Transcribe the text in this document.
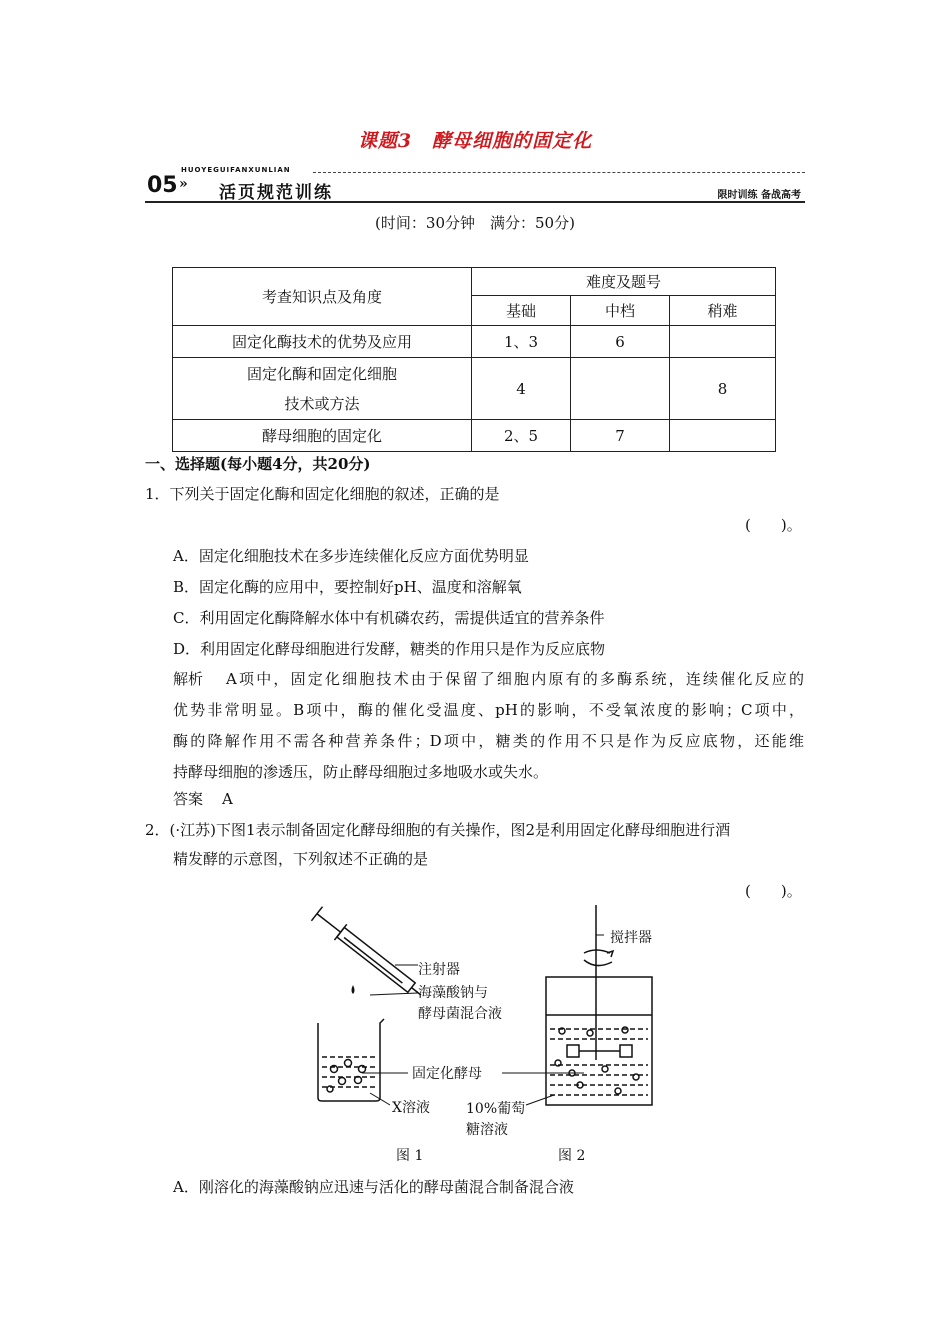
课题3　酵母细胞的固定化
HUOYEGUIFANXUNLIAN
05 » 活页规范训练	限时训练 备战高考
(时间：30分钟　满分：50分)
考查知识点及角度	难度及题号		
	基础	中档	稍难
固定化酶技术的优势及应用	1、3	6	

固定化酶和固定化细胞
技术或方法	4		8
酵母细胞的固定化	2、5	7	
一、选择题(每小题4分，共20分)
1．下列关于固定化酶和固定化细胞的叙述，正确的是
(　　)。
A．固定化细胞技术在多步连续催化反应方面优势明显
B．固定化酶的应用中，要控制好pH、温度和溶解氧
C．利用固定化酶降解水体中有机磷农药，需提供适宜的营养条件
D．利用固定化酵母细胞进行发酵，糖类的作用只是作为反应底物
解析 A项中，固定化细胞技术由于保留了细胞内原有的多酶系统，连续催化反应的
优势非常明显。B项中，酶的催化受温度、pH的影响，不受氧浓度的影响；C项中，
酶的降解作用不需各种营养条件；D项中，糖类的作用不只是作为反应底物，还能维
持酵母细胞的渗透压，防止酵母细胞过多地吸水或失水。
答案 A
2．(·江苏)下图1表示制备固定化酵母细胞的有关操作，图2是利用固定化酵母细胞进行酒
精发酵的示意图，下列叙述不正确的是
(　　)。
注射器
海藻酸钠与
酵母菌混合液
搅拌器
固定化酵母
X溶液	10%葡萄
糖溶液
图 1	图 2
A．刚溶化的海藻酸钠应迅速与活化的酵母菌混合制备混合液
